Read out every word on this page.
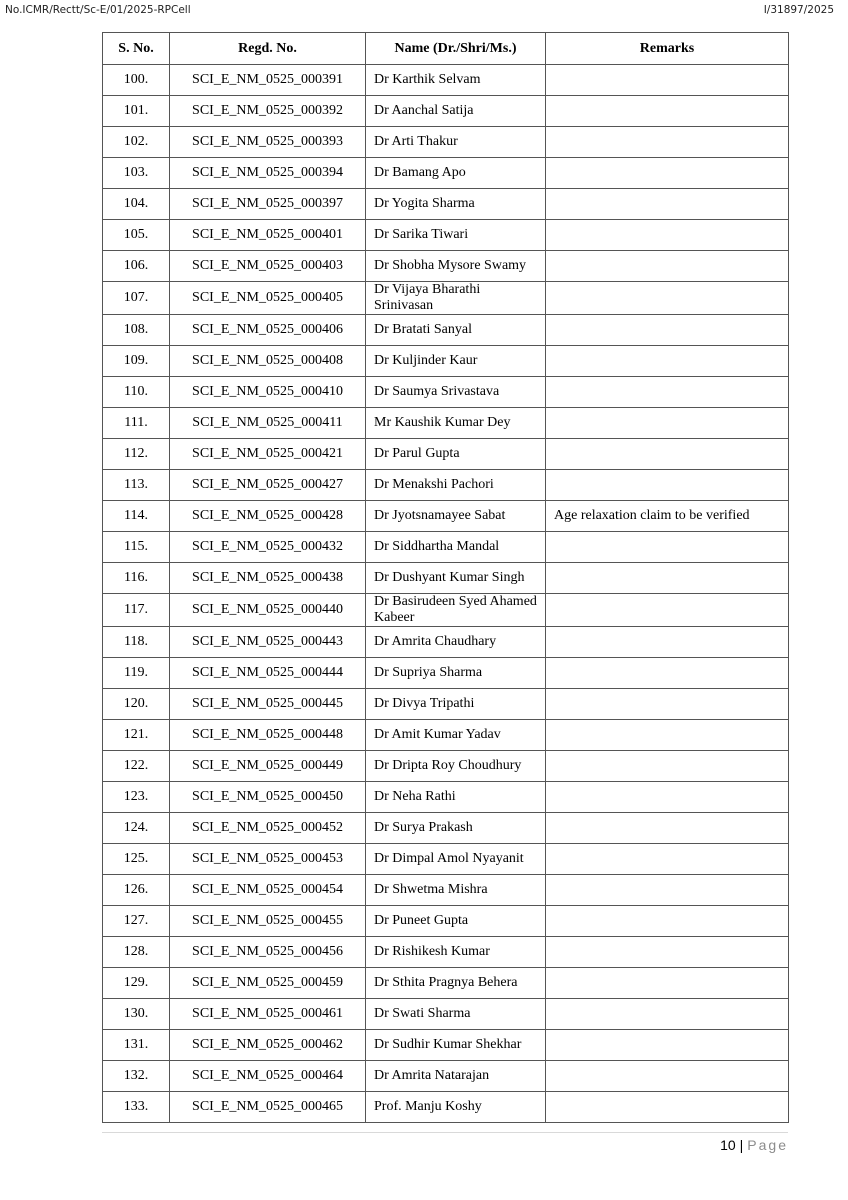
No.ICMR/Rectt/Sc-E/01/2025-RPCell	I/31897/2025
S. No.	Regd. No.	Name (Dr./Shri/Ms.)	Remarks
100.	SCI_E_NM_0525_000391	Dr Karthik Selvam	
101.	SCI_E_NM_0525_000392	Dr Aanchal Satija	
102.	SCI_E_NM_0525_000393	Dr Arti Thakur	
103.	SCI_E_NM_0525_000394	Dr Bamang Apo	
104.	SCI_E_NM_0525_000397	Dr Yogita Sharma	
105.	SCI_E_NM_0525_000401	Dr Sarika Tiwari	
106.	SCI_E_NM_0525_000403	Dr Shobha Mysore Swamy	
107.	SCI_E_NM_0525_000405	Dr Vijaya Bharathi Srinivasan	
108.	SCI_E_NM_0525_000406	Dr Bratati Sanyal	
109.	SCI_E_NM_0525_000408	Dr Kuljinder Kaur	
110.	SCI_E_NM_0525_000410	Dr Saumya Srivastava	
111.	SCI_E_NM_0525_000411	Mr Kaushik Kumar Dey	
112.	SCI_E_NM_0525_000421	Dr Parul Gupta	
113.	SCI_E_NM_0525_000427	Dr Menakshi Pachori	
114.	SCI_E_NM_0525_000428	Dr Jyotsnamayee Sabat	Age relaxation claim to be verified
115.	SCI_E_NM_0525_000432	Dr Siddhartha Mandal	
116.	SCI_E_NM_0525_000438	Dr Dushyant Kumar Singh	
117.	SCI_E_NM_0525_000440	Dr Basirudeen Syed Ahamed Kabeer	
118.	SCI_E_NM_0525_000443	Dr Amrita Chaudhary	
119.	SCI_E_NM_0525_000444	Dr Supriya Sharma	
120.	SCI_E_NM_0525_000445	Dr Divya Tripathi	
121.	SCI_E_NM_0525_000448	Dr Amit Kumar Yadav	
122.	SCI_E_NM_0525_000449	Dr Dripta Roy Choudhury	
123.	SCI_E_NM_0525_000450	Dr Neha Rathi	
124.	SCI_E_NM_0525_000452	Dr Surya Prakash	
125.	SCI_E_NM_0525_000453	Dr Dimpal Amol Nyayanit	
126.	SCI_E_NM_0525_000454	Dr Shwetma Mishra	
127.	SCI_E_NM_0525_000455	Dr Puneet Gupta	
128.	SCI_E_NM_0525_000456	Dr Rishikesh Kumar	
129.	SCI_E_NM_0525_000459	Dr Sthita Pragnya Behera	
130.	SCI_E_NM_0525_000461	Dr Swati Sharma	
131.	SCI_E_NM_0525_000462	Dr Sudhir Kumar Shekhar	
132.	SCI_E_NM_0525_000464	Dr Amrita Natarajan	
133.	SCI_E_NM_0525_000465	Prof. Manju Koshy	
10 | Page
